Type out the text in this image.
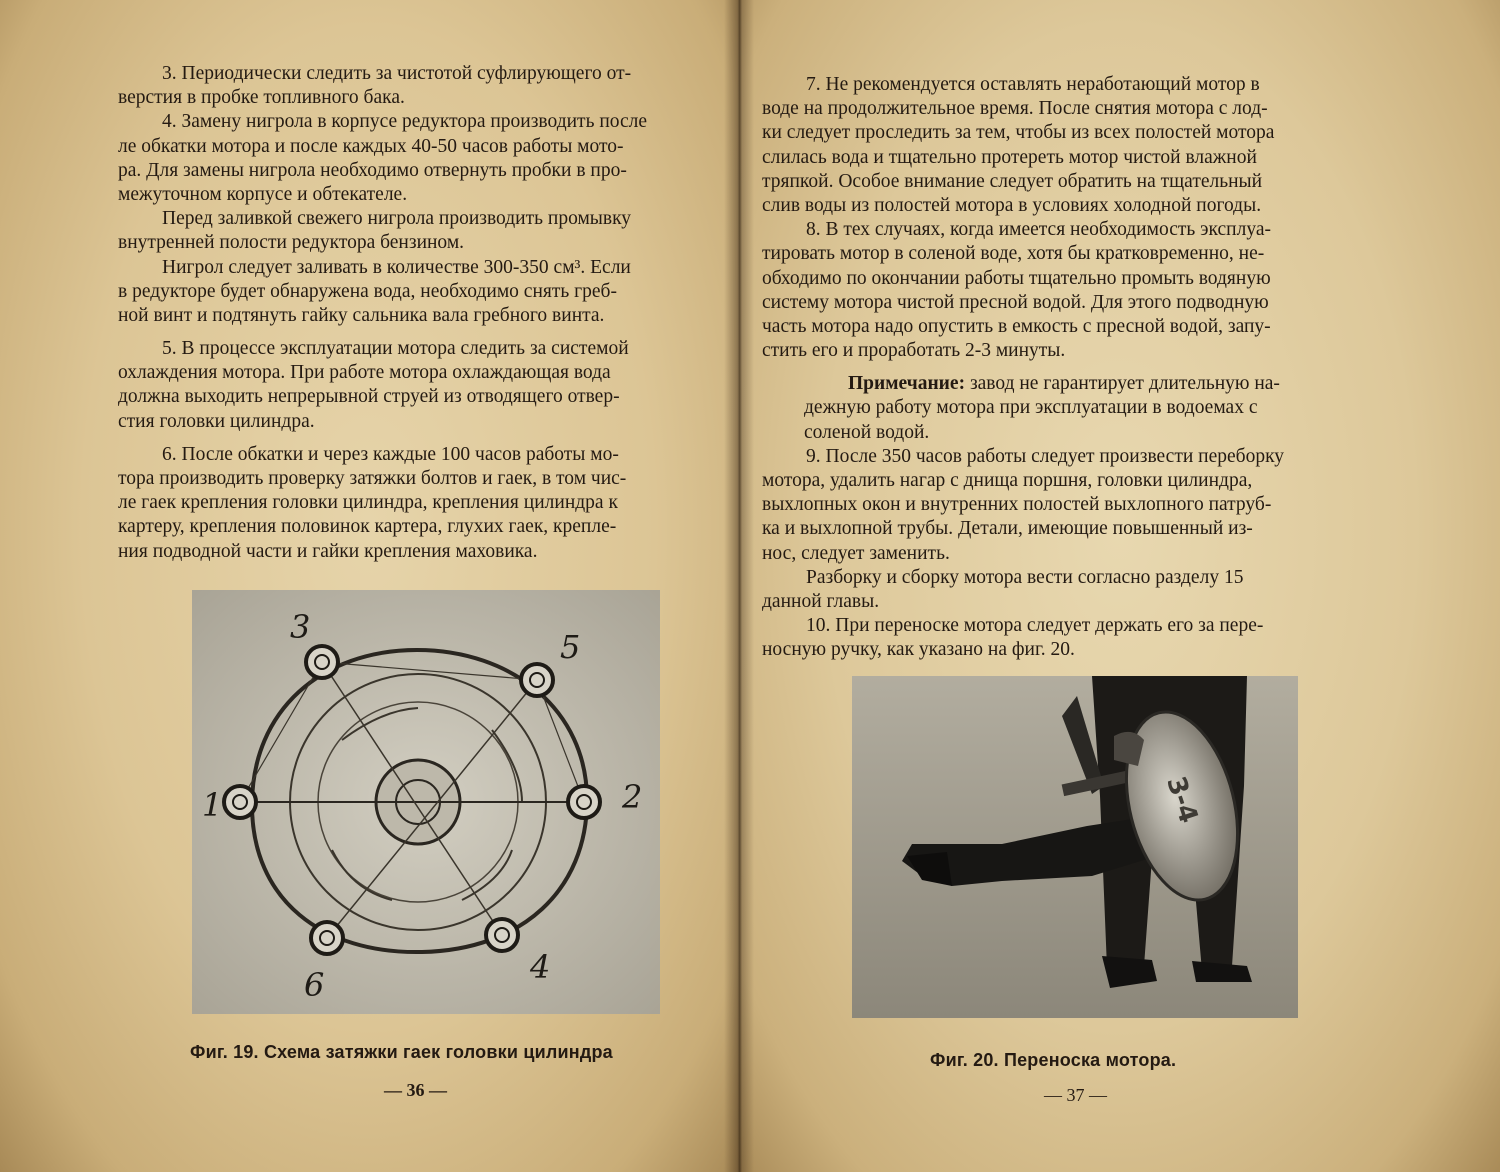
3. Периодически следить за чистотой суфлирующего от-
верстия в пробке топливного бака.
4. Замену нигрола в корпусе редуктора производить после
ле обкатки мотора и после каждых 40-50 часов работы мото-
ра. Для замены нигрола необходимо отвернуть пробки в про-
межуточном корпусе и обтекателе.
Перед заливкой свежего нигрола производить промывку
внутренней полости редуктора бензином.
Нигрол следует заливать в количестве 300-350 см³. Если
в редукторе будет обнаружена вода, необходимо снять греб-
ной винт и подтянуть гайку сальника вала гребного винта.
5. В процессе эксплуатации мотора следить за системой
охлаждения мотора. При работе мотора охлаждающая вода
должна выходить непрерывной струей из отводящего отвер-
стия головки цилиндра.
6. После обкатки и через каждые 100 часов работы мо-
тора производить проверку затяжки болтов и гаек, в том чис-
ле гаек крепления головки цилиндра, крепления цилиндра к
картеру, крепления половинок картера, глухих гаек, крепле-
ния подводной части и гайки крепления маховика.
1	2
3
4
5
6
Фиг. 19. Схема затяжки гаек головки цилиндра
— 36 —
7. Не рекомендуется оставлять неработающий мотор в
воде на продолжительное время. После снятия мотора с лод-
ки следует проследить за тем, чтобы из всех полостей мотора
слилась вода и тщательно протереть мотор чистой влажной
тряпкой. Особое внимание следует обратить на тщательный
слив воды из полостей мотора в условиях холодной погоды.
8. В тех случаях, когда имеется необходимость эксплуа-
тировать мотор в соленой воде, хотя бы кратковременно, не-
обходимо по окончании работы тщательно промыть водяную
систему мотора чистой пресной водой. Для этого подводную
часть мотора надо опустить в емкость с пресной водой, запу-
стить его и проработать 2-3 минуты.
Примечание: завод не гарантирует длительную на-
дежную работу мотора при эксплуатации в водоемах с
соленой водой.
9. После 350 часов работы следует произвести переборку
мотора, удалить нагар с днища поршня, головки цилиндра,
выхлопных окон и внутренних полостей выхлопного патруб-
ка и выхлопной трубы. Детали, имеющие повышенный из-
нос, следует заменить.
Разборку и сборку мотора вести согласно разделу 15
данной главы.
10. При переноске мотора следует держать его за пере-
носную ручку, как указано на фиг. 20.
3-4
Фиг. 20. Переноска мотора.
— 37 —
